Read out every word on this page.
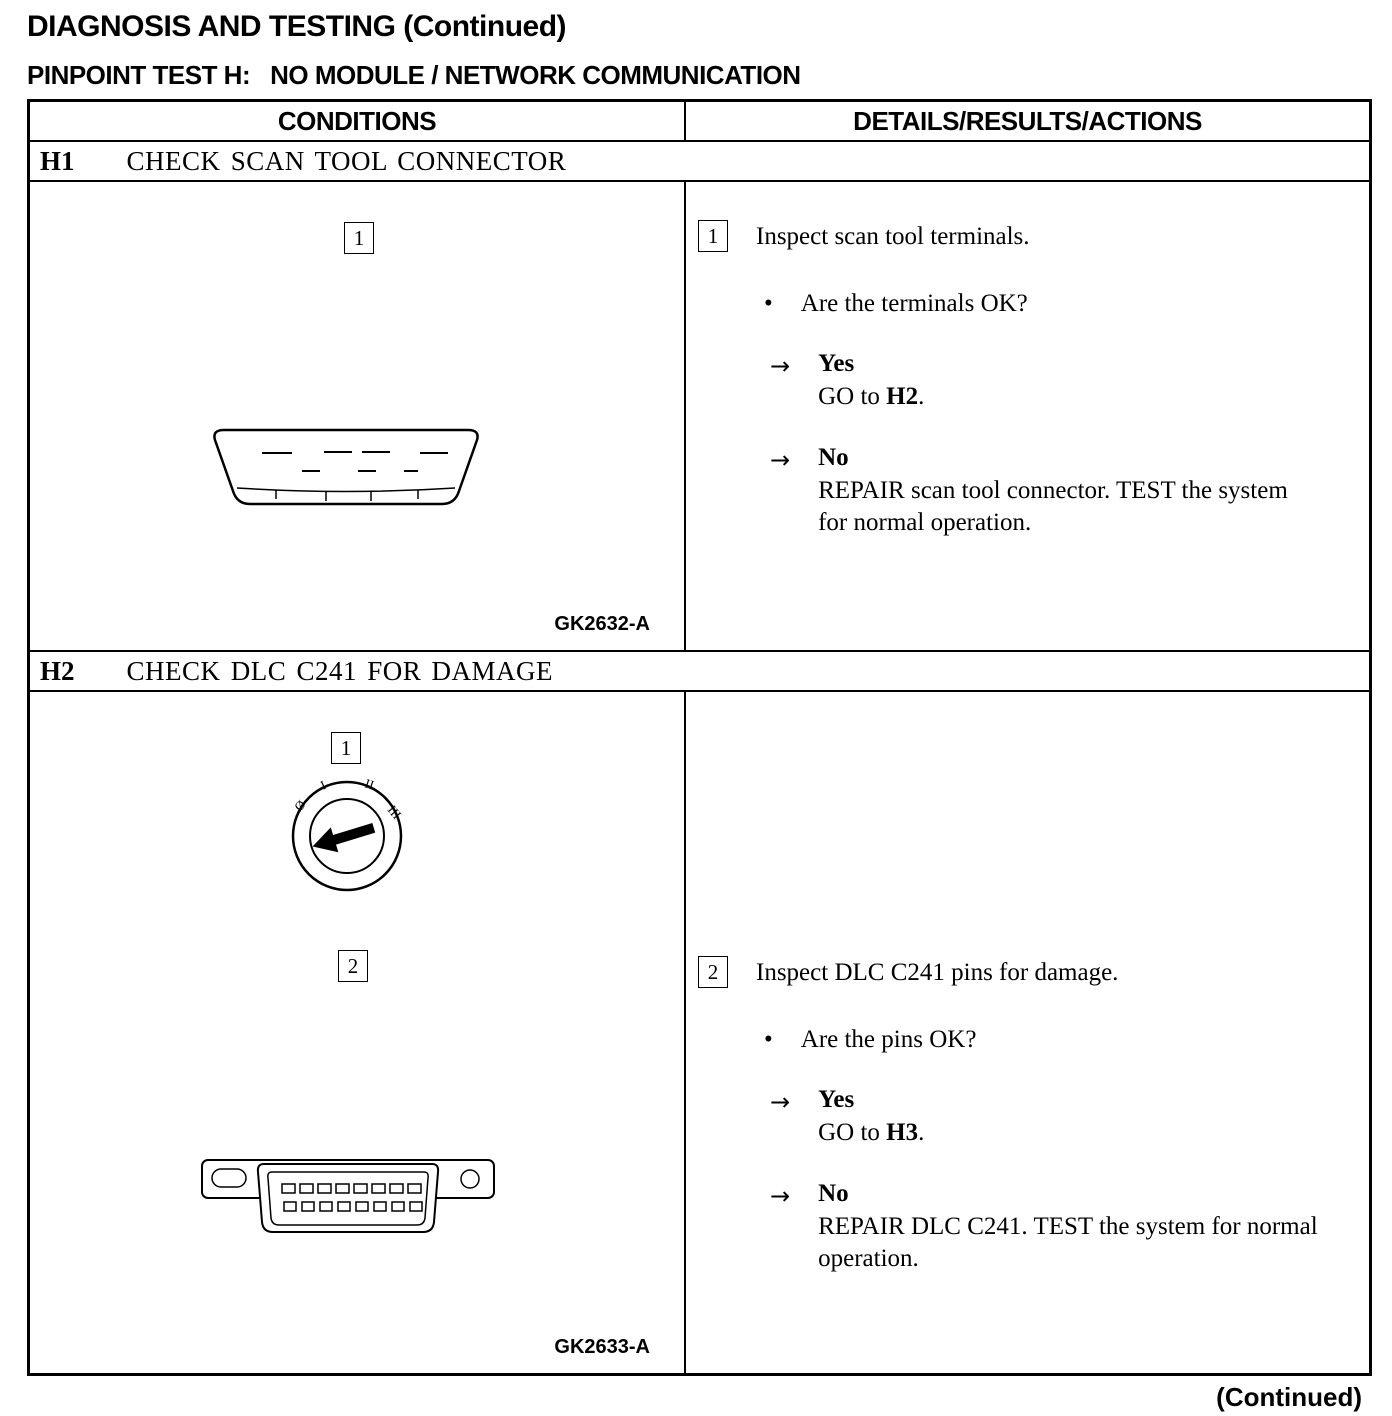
DIAGNOSIS AND TESTING (Continued)
PINPOINT TEST H: NO MODULE / NETWORK COMMUNICATION
CONDITIONS	DETAILS/RESULTS/ACTIONS
H1 CHECK SCAN TOOL CONNECTOR
1
GK2632-A
1 Inspect scan tool terminals.
• Are the terminals OK?
→ Yes
GO to H2.
→ No
REPAIR scan tool connector. TEST the system for normal operation.
H2 CHECK DLC C241 FOR DAMAGE
1
Ø
I	II
III
2
GK2633-A
2 Inspect DLC C241 pins for damage.
• Are the pins OK?
→ Yes
GO to H3.
→ No
REPAIR DLC C241. TEST the system for normal operation.
(Continued)
